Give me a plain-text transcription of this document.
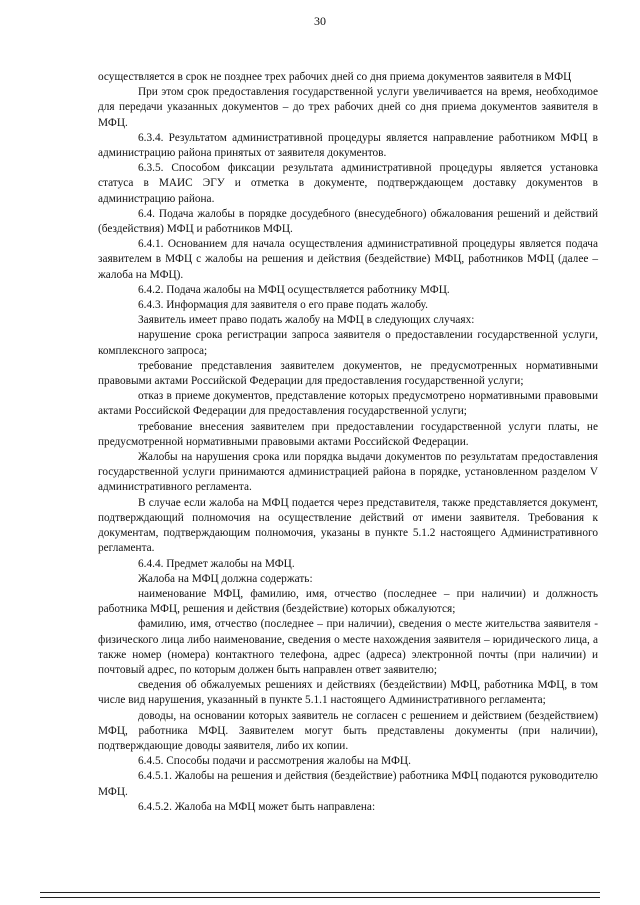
30

осуществляется в срок не позднее трех рабочих дней со дня приема документов заявителя в МФЦ

При этом срок предоставления государственной услуги увеличивается на время, необходимое для передачи указанных документов – до трех рабочих дней со дня приема документов заявителя в МФЦ.

6.3.4. Результатом административной процедуры является направление работником МФЦ в администрацию района принятых от заявителя документов.

6.3.5. Способом фиксации результата административной процедуры является установка статуса в МАИС ЭГУ и отметка в документе, подтверждающем доставку документов в администрацию района.

6.4. Подача жалобы в порядке досудебного (внесудебного) обжалования решений и действий (бездействия) МФЦ и работников МФЦ.

6.4.1. Основанием для начала осуществления административной процедуры является подача заявителем в МФЦ с жалобы на решения и действия (бездействие) МФЦ, работников МФЦ (далее – жалоба на МФЦ).

6.4.2. Подача жалобы на МФЦ осуществляется работнику МФЦ.

6.4.3. Информация для заявителя о его праве подать жалобу.

Заявитель имеет право подать жалобу на МФЦ в следующих случаях:

нарушение срока регистрации запроса заявителя о предоставлении государственной услуги, комплексного запроса;

требование представления заявителем документов, не предусмотренных нормативными правовыми актами Российской Федерации для предоставления государственной услуги;

отказ в приеме документов, представление которых предусмотрено нормативными правовыми актами Российской Федерации для предоставления государственной услуги;

требование внесения заявителем при предоставлении государственной услуги платы, не предусмотренной нормативными правовыми актами Российской Федерации.

Жалобы на нарушения срока или порядка выдачи документов по результатам предоставления государственной услуги принимаются администрацией района в порядке, установленном разделом V административного регламента.

В случае если жалоба на МФЦ подается через представителя, также представляется документ, подтверждающий полномочия на осуществление действий от имени заявителя. Требования к документам, подтверждающим полномочия, указаны в пункте 5.1.2 настоящего Административного регламента.

6.4.4. Предмет жалобы на МФЦ.

Жалоба на МФЦ должна содержать:

наименование МФЦ, фамилию, имя, отчество (последнее – при наличии) и должность работника МФЦ, решения и действия (бездействие) которых обжалуются;

фамилию, имя, отчество (последнее – при наличии), сведения о месте жительства заявителя - физического лица либо наименование, сведения о месте нахождения заявителя – юридического лица, а также номер (номера) контактного телефона, адрес (адреса) электронной почты (при наличии) и почтовый адрес, по которым должен быть направлен ответ заявителю;

сведения об обжалуемых решениях и действиях (бездействии) МФЦ, работника МФЦ, в том числе вид нарушения, указанный в пункте 5.1.1 настоящего Административного регламента;

доводы, на основании которых заявитель не согласен с решением и действием (бездействием) МФЦ, работника МФЦ. Заявителем могут быть представлены документы (при наличии), подтверждающие доводы заявителя, либо их копии.

6.4.5. Способы подачи и рассмотрения жалобы на МФЦ.

6.4.5.1. Жалобы на решения и действия (бездействие) работника МФЦ подаются руководителю МФЦ.

6.4.5.2. Жалоба на МФЦ может быть направлена:
